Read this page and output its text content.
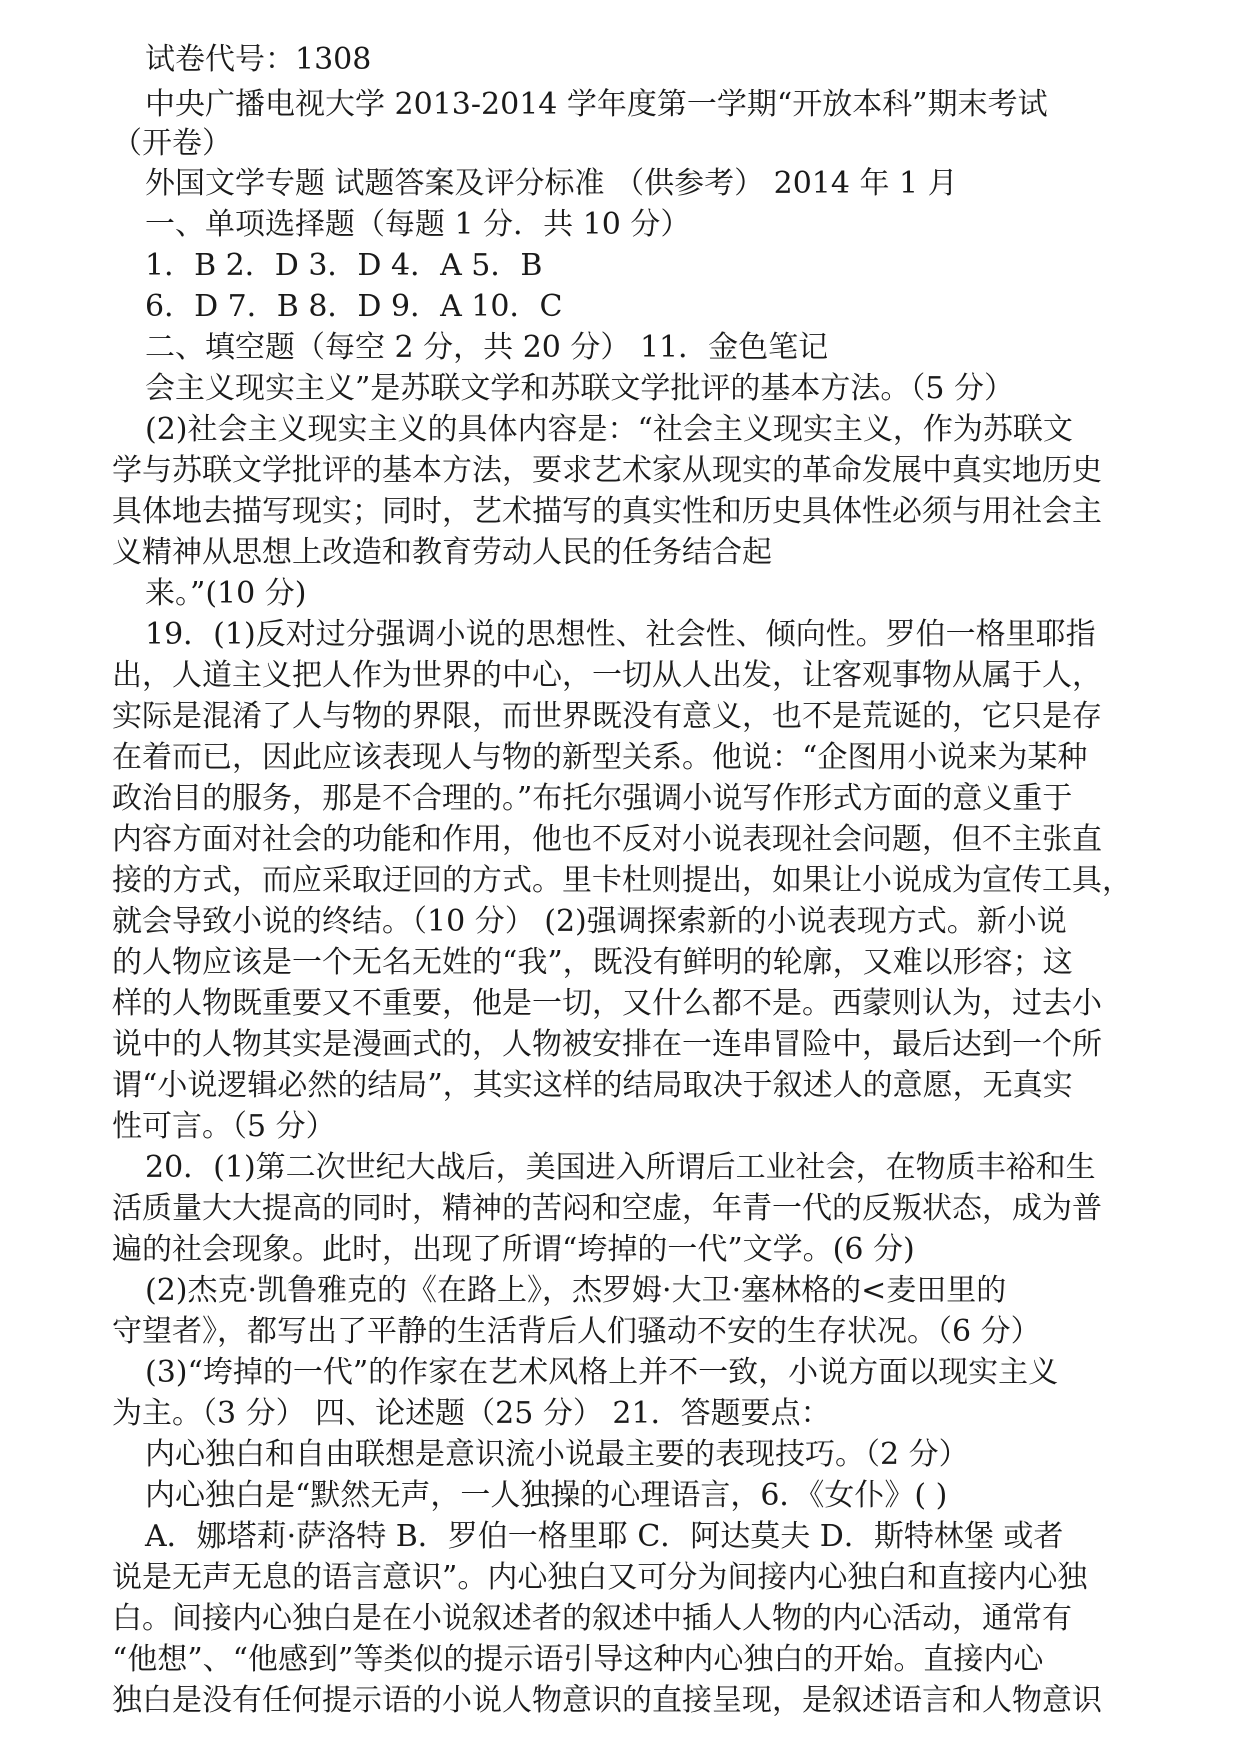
试卷代号：1308
中央广播电视大学 2013-2014 学年度第一学期“开放本科”期末考试
（开卷）
外国文学专题 试题答案及评分标准 （供参考） 2014 年 1 月
一、单项选择题（每题 1 分．共 10 分）
1．B 2．D 3．D 4．A 5．B
6．D 7．B 8．D 9．A 10．C
二、填空题（每空 2 分，共 20 分） 11．金色笔记
会主义现实主义”是苏联文学和苏联文学批评的基本方法。（5 分）
(2)社会主义现实主义的具体内容是：“社会主义现实主义，作为苏联文
学与苏联文学批评的基本方法，要求艺术家从现实的革命发展中真实地历史
具体地去描写现实；同时，艺术描写的真实性和历史具体性必须与用社会主
义精神从思想上改造和教育劳动人民的任务结合起
来。”(10 分)
19．(1)反对过分强调小说的思想性、社会性、倾向性。罗伯一格里耶指
出，人道主义把人作为世界的中心，一切从人出发，让客观事物从属于人，
实际是混淆了人与物的界限，而世界既没有意义，也不是荒诞的，它只是存
在着而已，因此应该表现人与物的新型关系。他说：“企图用小说来为某种
政治目的服务，那是不合理的。”布托尔强调小说写作形式方面的意义重于
内容方面对社会的功能和作用，他也不反对小说表现社会问题，但不主张直
接的方式，而应采取迂回的方式。里卡杜则提出，如果让小说成为宣传工具，
就会导致小说的终结。（10 分） (2)强调探索新的小说表现方式。新小说
的人物应该是一个无名无姓的“我”，既没有鲜明的轮廓，又难以形容；这
样的人物既重要又不重要，他是一切，又什么都不是。西蒙则认为，过去小
说中的人物其实是漫画式的，人物被安排在一连串冒险中，最后达到一个所
谓“小说逻辑必然的结局”，其实这样的结局取决于叙述人的意愿，无真实
性可言。（5 分）
20．(1)第二次世纪大战后，美国进入所谓后工业社会，在物质丰裕和生
活质量大大提高的同时，精神的苦闷和空虚，年青一代的反叛状态，成为普
遍的社会现象。此时，出现了所谓“垮掉的一代”文学。(6 分)
(2)杰克·凯鲁雅克的《在路上》，杰罗姆·大卫·塞林格的<麦田里的
守望者》，都写出了平静的生活背后人们骚动不安的生存状况。（6 分）
(3)“垮掉的一代”的作家在艺术风格上并不一致，小说方面以现实主义
为主。（3 分） 四、论述题（25 分） 21．答题要点：
内心独白和自由联想是意识流小说最主要的表现技巧。（2 分）
内心独白是“默然无声，一人独操的心理语言，6．《女仆》( )
A．娜塔莉·萨洛特 B．罗伯一格里耶 C．阿达莫夫 D．斯特林堡 或者
说是无声无息的语言意识”。内心独白又可分为间接内心独白和直接内心独
白。间接内心独白是在小说叙述者的叙述中插人人物的内心活动，通常有
“他想”、“他感到”等类似的提示语引导这种内心独白的开始。直接内心
独白是没有任何提示语的小说人物意识的直接呈现，是叙述语言和人物意识
